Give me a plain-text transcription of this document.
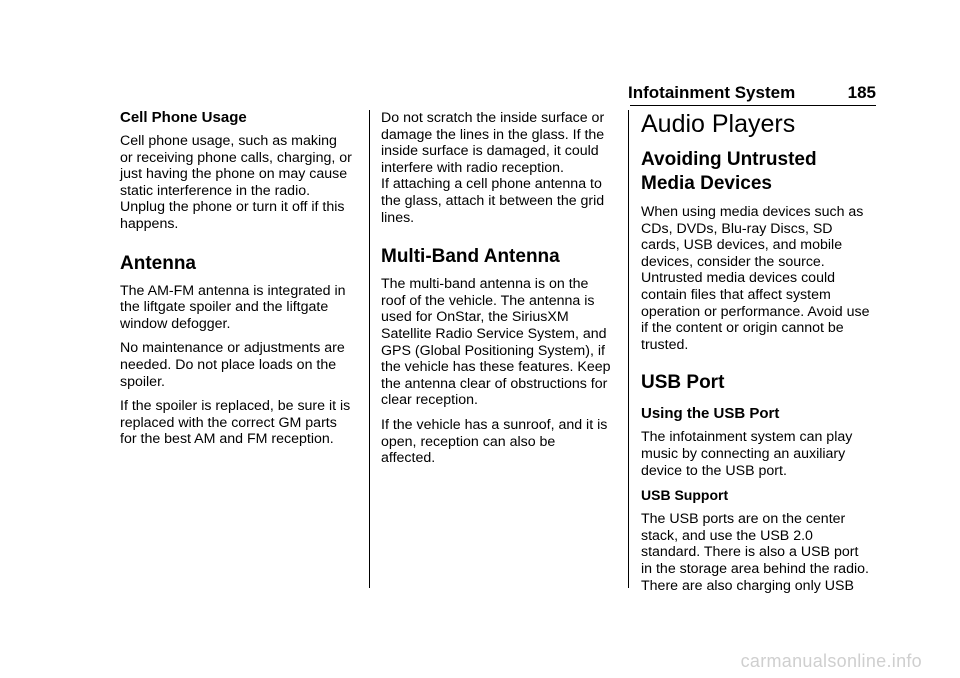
Infotainment System	185
Cell Phone Usage

Cell phone usage, such as making or receiving phone calls, charging, or just having the phone on may cause static interference in the radio. Unplug the phone or turn it off if this happens.

Antenna

The AM-FM antenna is integrated in the liftgate spoiler and the liftgate window defogger.

No maintenance or adjustments are needed. Do not place loads on the spoiler.

If the spoiler is replaced, be sure it is replaced with the correct GM parts for the best AM and FM reception.

Do not scratch the inside surface or damage the lines in the glass. If the inside surface is damaged, it could interfere with radio reception.

If attaching a cell phone antenna to the glass, attach it between the grid lines.

Multi-Band Antenna

The multi-band antenna is on the roof of the vehicle. The antenna is used for OnStar, the SiriusXM Satellite Radio Service System, and GPS (Global Positioning System), if the vehicle has these features. Keep the antenna clear of obstructions for clear reception.

If the vehicle has a sunroof, and it is open, reception can also be affected.

Audio Players
Avoiding Untrusted Media Devices

When using media devices such as CDs, DVDs, Blu-ray Discs, SD cards, USB devices, and mobile devices, consider the source. Untrusted media devices could contain files that affect system operation or performance. Avoid use if the content or origin cannot be trusted.

USB Port
Using the USB Port

The infotainment system can play music by connecting an auxiliary device to the USB port.

USB Support

The USB ports are on the center stack, and use the USB 2.0 standard. There is also a USB port in the storage area behind the radio. There are also charging only USB

carmanualsonline.info
